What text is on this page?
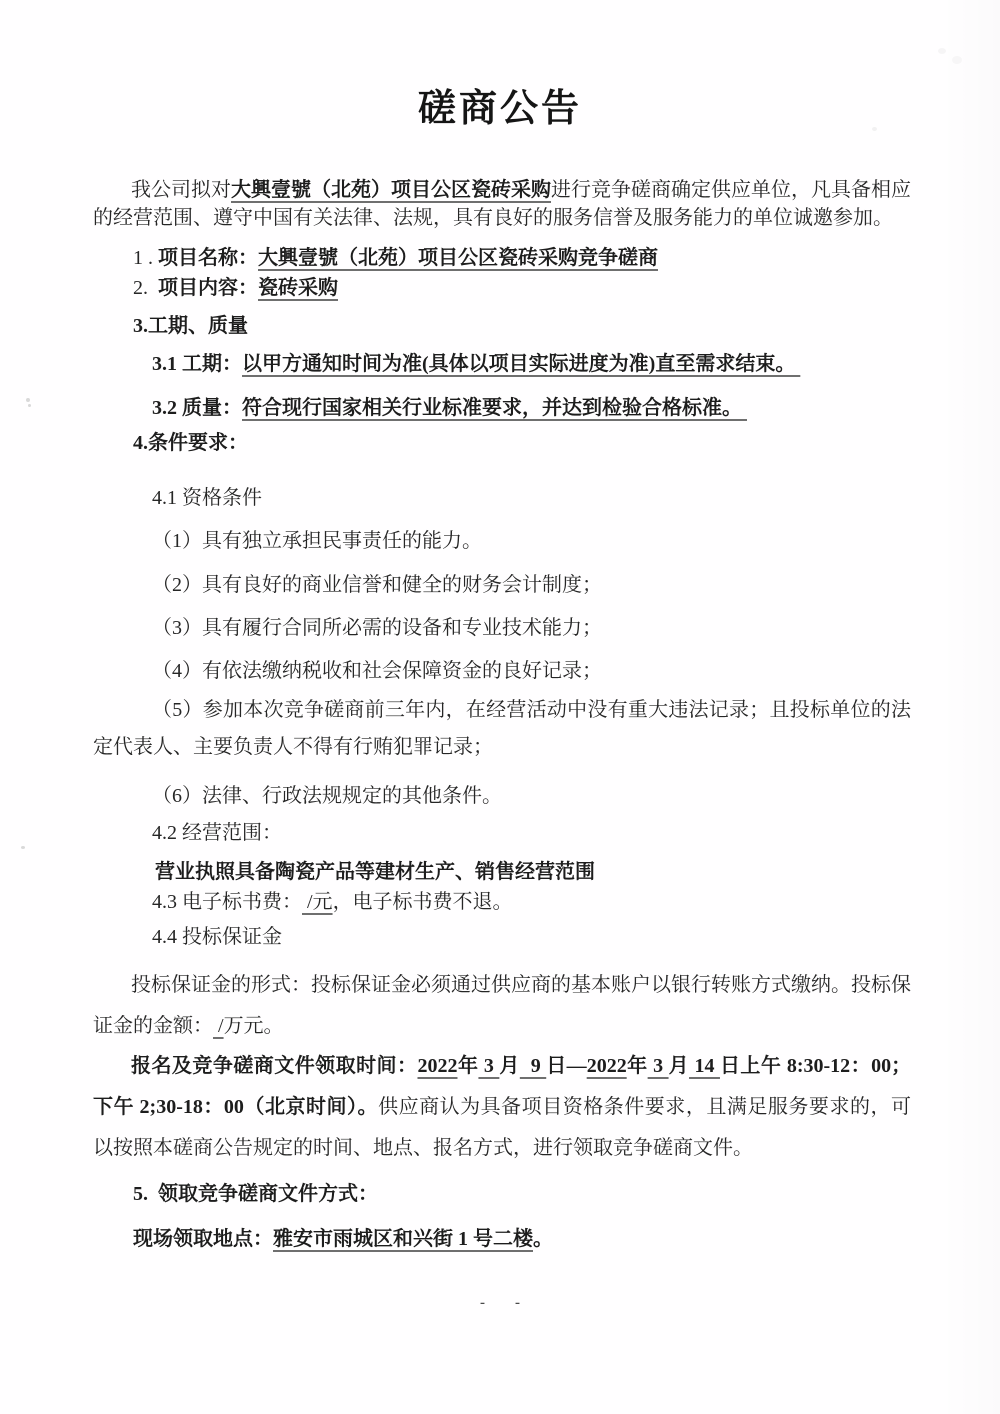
磋商公告
我公司拟对大興壹號（北苑）项目公区瓷砖采购进行竞争磋商确定供应单位，凡具备相应的经营范围、遵守中国有关法律、法规，具有良好的服务信誉及服务能力的单位诚邀参加。
1 . 项目名称：大興壹號（北苑）项目公区瓷砖采购竞争磋商
2.  项目内容：瓷砖采购
3.工期、质量
3.1 工期：以甲方通知时间为准(具体以项目实际进度为准)直至需求结束。
3.2 质量：符合现行国家相关行业标准要求，并达到检验合格标准。
4.条件要求：
4.1 资格条件
（1）具有独立承担民事责任的能力。
（2）具有良好的商业信誉和健全的财务会计制度；
（3）具有履行合同所必需的设备和专业技术能力；
（4）有依法缴纳税收和社会保障资金的良好记录；
（5）参加本次竞争磋商前三年内，在经营活动中没有重大违法记录；且投标单位的法定代表人、主要负责人不得有行贿犯罪记录；
（6）法律、行政法规规定的其他条件。
4.2 经营范围：
营业执照具备陶瓷产品等建材生产、销售经营范围
4.3 电子标书费： /元，电子标书费不退。
4.4 投标保证金
投标保证金的形式：投标保证金必须通过供应商的基本账户以银行转账方式缴纳。投标保证金的金额： /万元。
报名及竞争磋商文件领取时间：2022年 3 月  9 日—2022年 3 月 14 日上午 8:30-12：00；下午 2;30-18：00（北京时间）。供应商认为具备项目资格条件要求，且满足服务要求的，可以按照本磋商公告规定的时间、地点、报名方式，进行领取竞争磋商文件。
5.  领取竞争磋商文件方式：
现场领取地点：雅安市雨城区和兴街 1 号二楼。
- -
